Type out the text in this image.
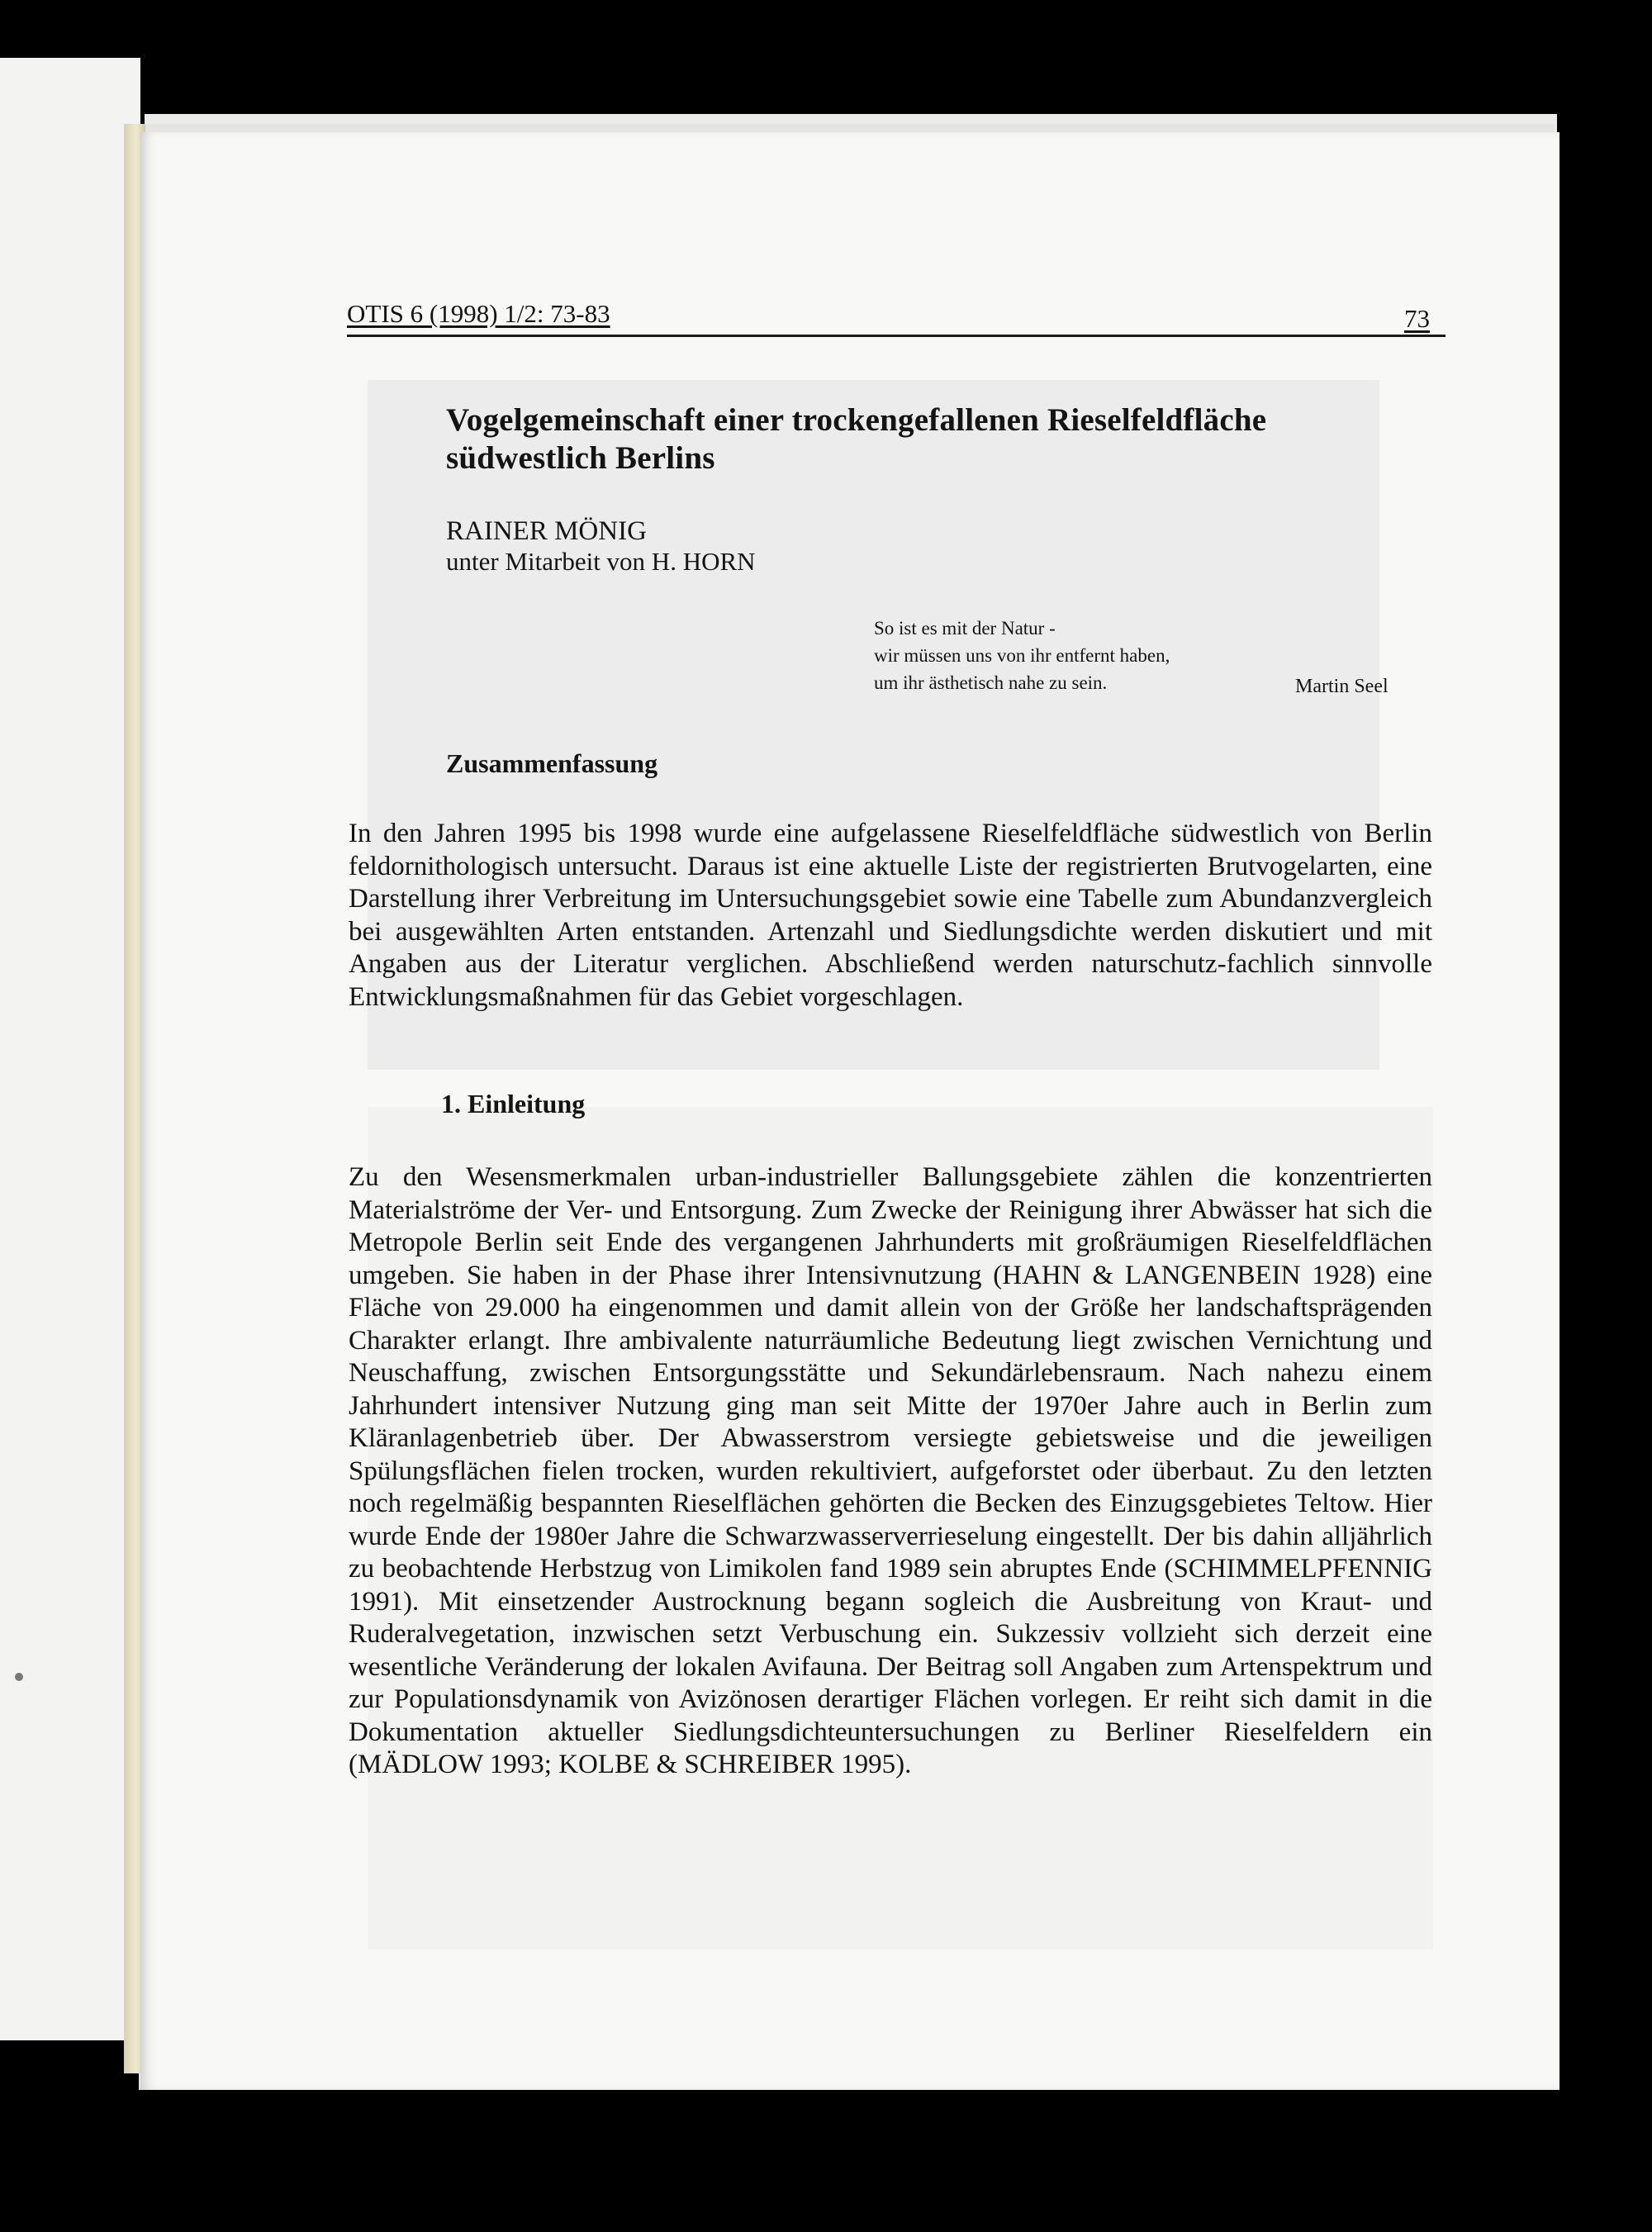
OTIS 6 (1998) 1/2: 73-83	73
Vogelgemeinschaft einer trockengefallenen Rieselfeldfläche südwestlich Berlins
RAINER MÖNIG
unter Mitarbeit von H. HORN
So ist es mit der Natur -
wir müssen uns von ihr entfernt haben,
um ihr ästhetisch nahe zu sein.	Martin Seel
Zusammenfassung

In den Jahren 1995 bis 1998 wurde eine aufgelassene Rieselfeldfläche südwestlich von Berlin feldornithologisch untersucht. Daraus ist eine aktuelle Liste der registrierten Brutvogelarten, eine Darstellung ihrer Verbreitung im Untersuchungsgebiet sowie eine Tabelle zum Abundanzvergleich bei ausgewählten Arten entstanden. Artenzahl und Siedlungsdichte werden diskutiert und mit Angaben aus der Literatur verglichen. Abschließend werden naturschutz-fachlich sinnvolle Entwicklungsmaßnahmen für das Gebiet vorgeschlagen.

1. Einleitung

Zu den Wesensmerkmalen urban-industrieller Ballungsgebiete zählen die konzentrierten Materialströme der Ver- und Entsorgung. Zum Zwecke der Reinigung ihrer Abwässer hat sich die Metropole Berlin seit Ende des vergangenen Jahrhunderts mit großräumigen Rieselfeldflächen umgeben. Sie haben in der Phase ihrer Intensivnutzung (HAHN & LANGENBEIN 1928) eine Fläche von 29.000 ha eingenommen und damit allein von der Größe her landschaftsprägenden Charakter erlangt. Ihre ambivalente naturräumliche Bedeutung liegt zwischen Vernichtung und Neuschaffung, zwischen Entsorgungsstätte und Sekundärlebensraum. Nach nahezu einem Jahrhundert intensiver Nutzung ging man seit Mitte der 1970er Jahre auch in Berlin zum Kläranlagenbetrieb über. Der Abwasserstrom versiegte gebietsweise und die jeweiligen Spülungsflächen fielen trocken, wurden rekultiviert, aufgeforstet oder überbaut. Zu den letzten noch regelmäßig bespannten Rieselflächen gehörten die Becken des Einzugsgebietes Teltow. Hier wurde Ende der 1980er Jahre die Schwarzwasserverrieselung eingestellt. Der bis dahin alljährlich zu beobachtende Herbstzug von Limikolen fand 1989 sein abruptes Ende (SCHIMMELPFENNIG 1991). Mit einsetzender Austrocknung begann sogleich die Ausbreitung von Kraut- und Ruderalvegetation, inzwischen setzt Verbuschung ein. Sukzessiv vollzieht sich derzeit eine wesentliche Veränderung der lokalen Avifauna. Der Beitrag soll Angaben zum Artenspektrum und zur Populationsdynamik von Avizönosen derartiger Flächen vorlegen. Er reiht sich damit in die Dokumentation aktueller Siedlungsdichteuntersuchungen zu Berliner Rieselfeldern ein (MÄDLOW 1993; KOLBE & SCHREIBER 1995).
